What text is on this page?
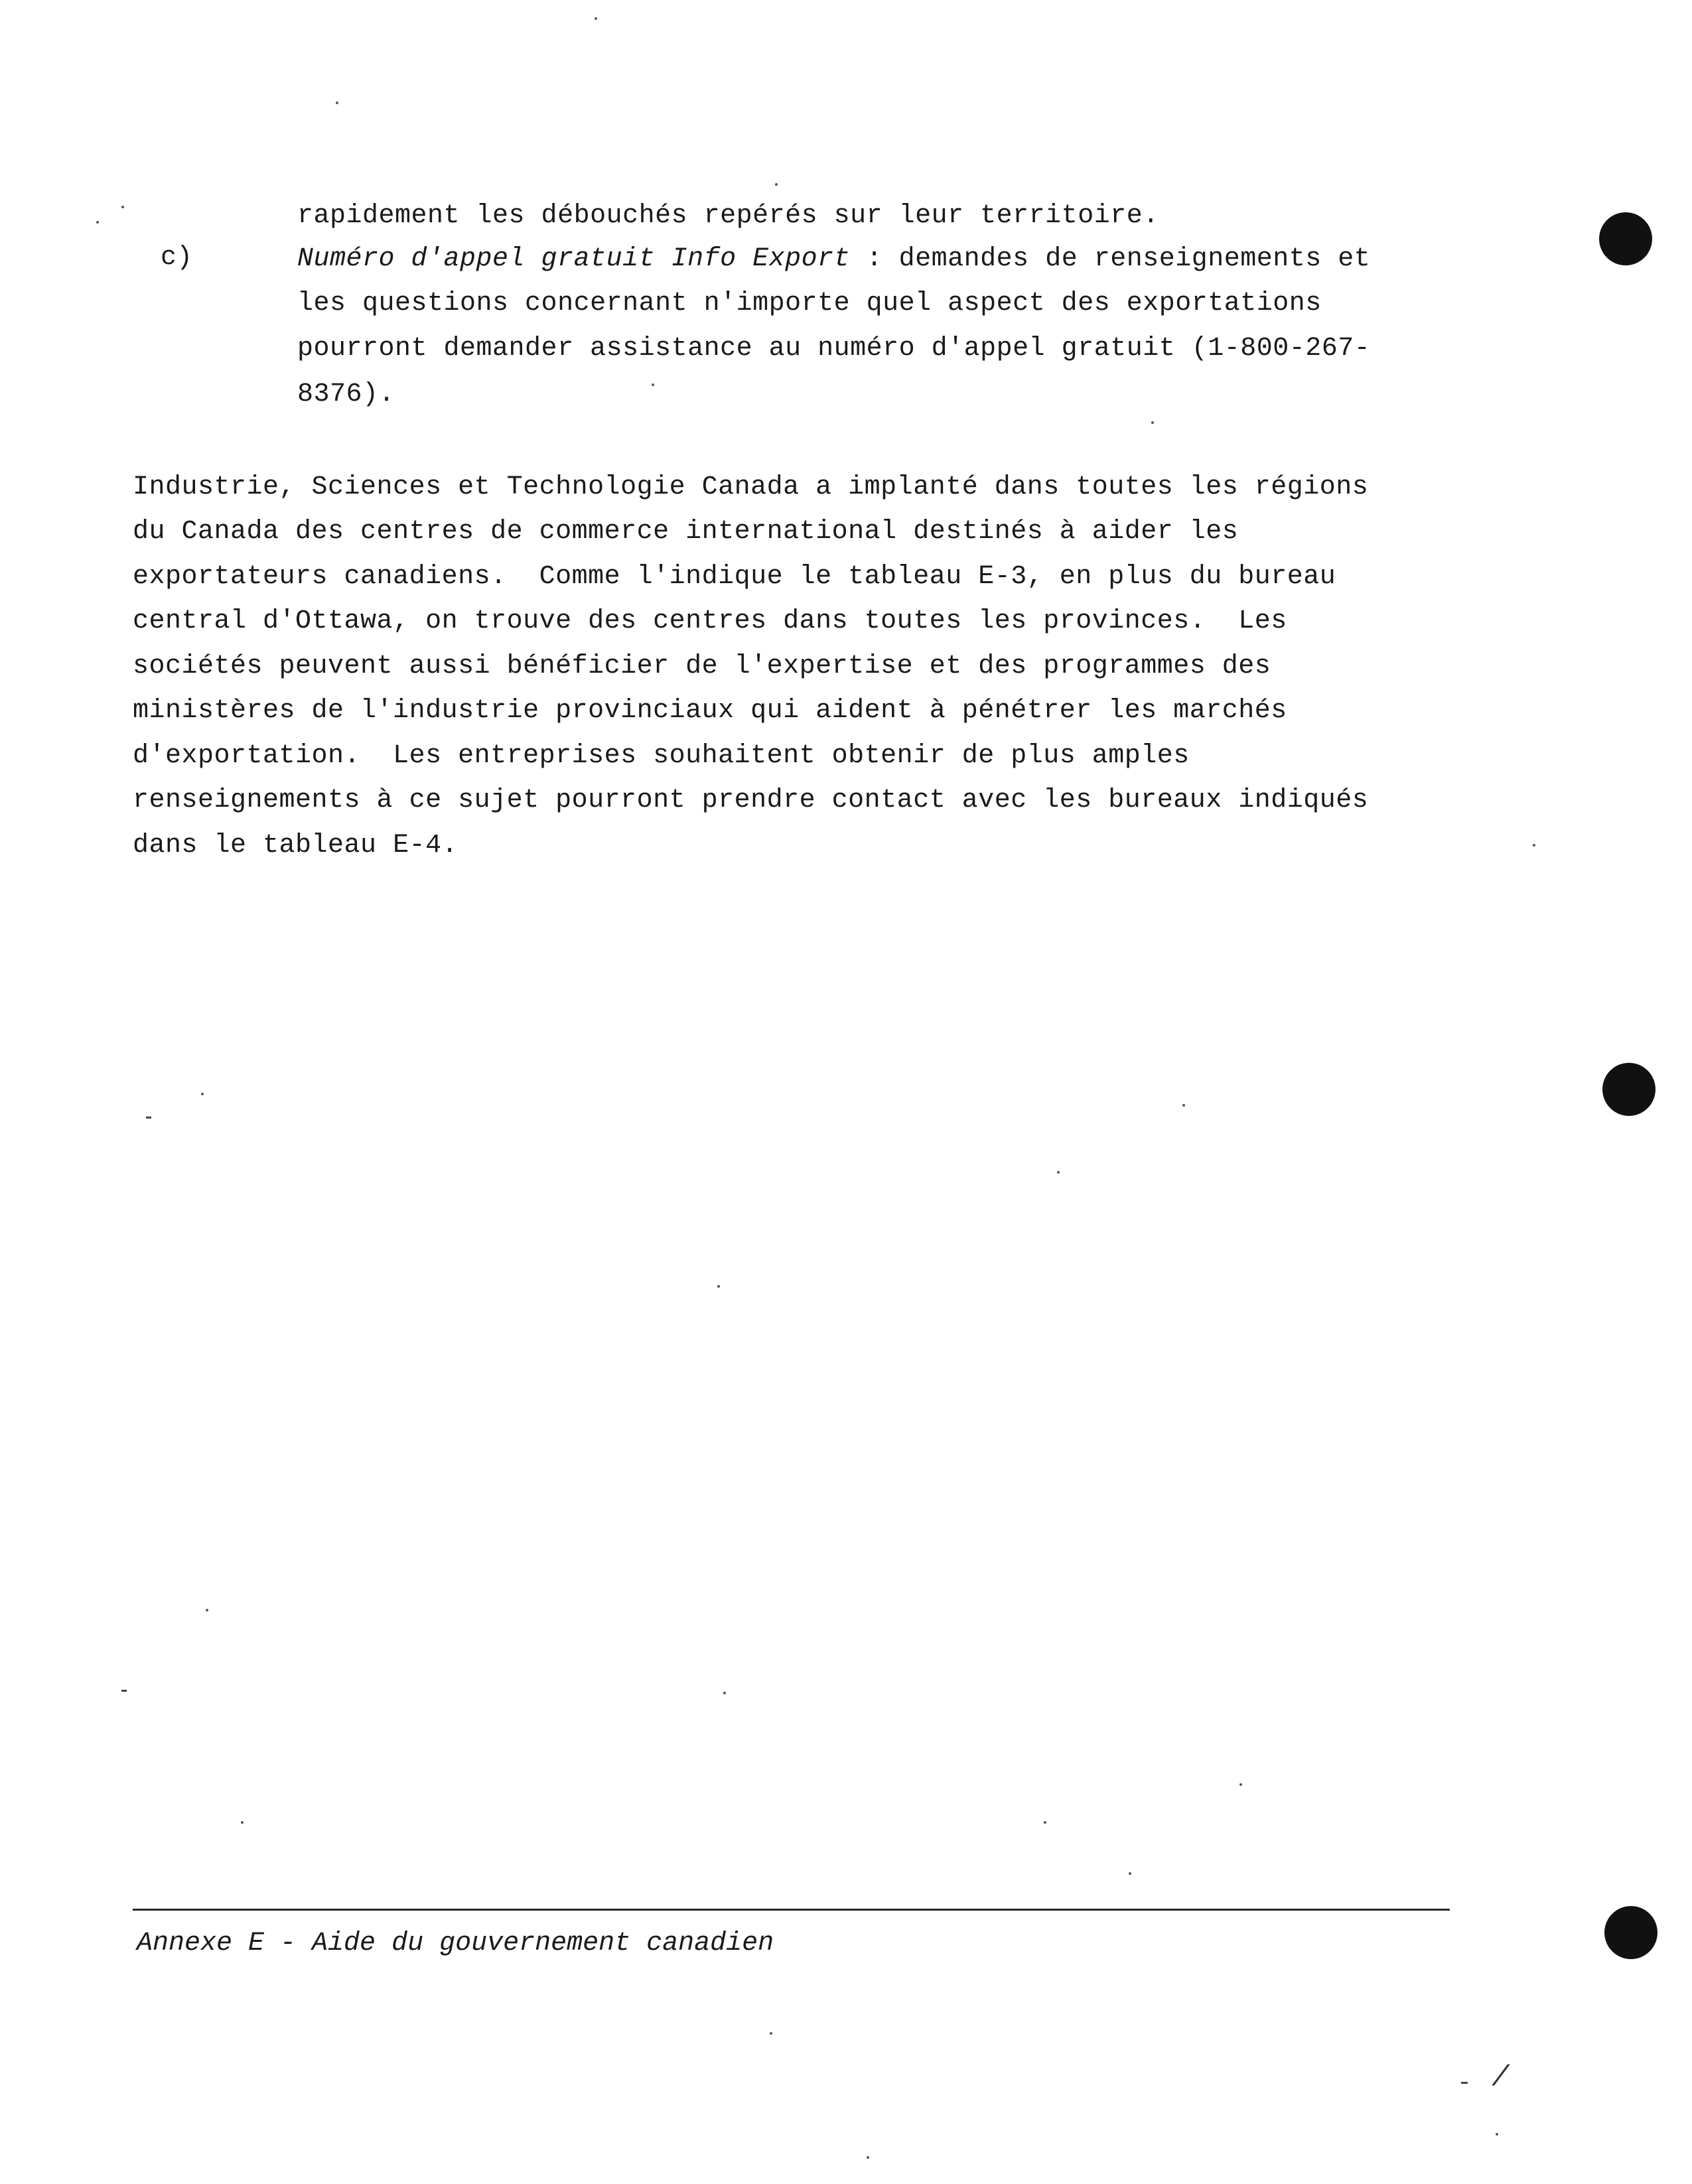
rapidement les débouchés repérés sur leur territoire.
c)	Numéro d'appel gratuit Info Export : demandes de renseignements et
les questions concernant n'importe quel aspect des exportations
pourront demander assistance au numéro d'appel gratuit (1-800-267-
8376).
Industrie, Sciences et Technologie Canada a implanté dans toutes les régions
du Canada des centres de commerce international destinés à aider les
exportateurs canadiens.  Comme l'indique le tableau E-3, en plus du bureau
central d'Ottawa, on trouve des centres dans toutes les provinces.  Les
sociétés peuvent aussi bénéficier de l'expertise et des programmes des
ministères de l'industrie provinciaux qui aident à pénétrer les marchés
d'exportation.  Les entreprises souhaitent obtenir de plus amples
renseignements à ce sujet pourront prendre contact avec les bureaux indiqués
dans le tableau E-4.
Annexe E - Aide du gouvernement canadien
/
